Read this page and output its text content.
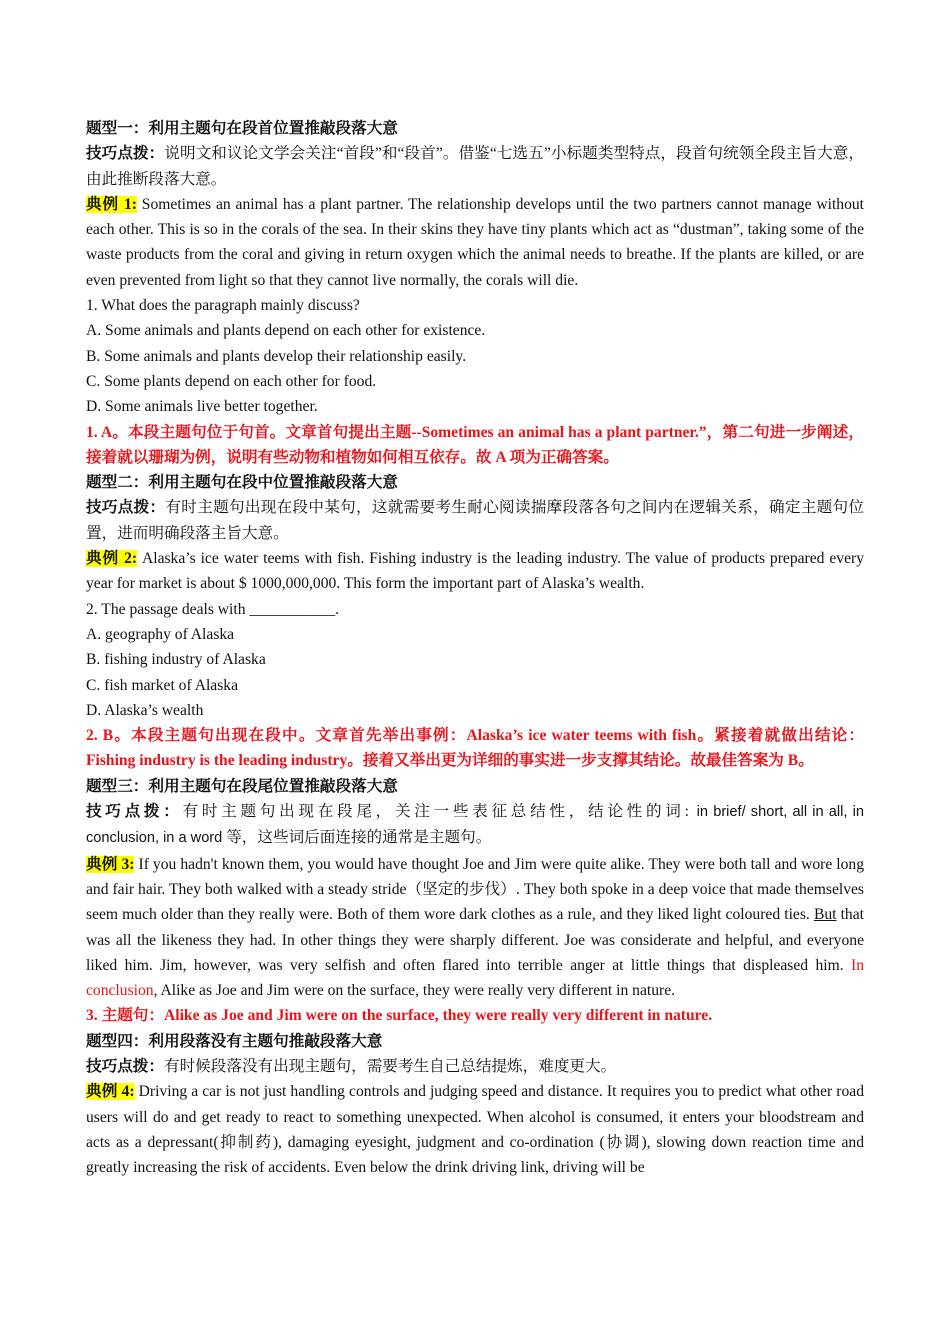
题型一：利用主题句在段首位置推敲段落大意

技巧点拨：说明文和议论文学会关注“首段”和“段首”。借鉴“七选五”小标题类型特点，段首句统领全段主旨大意，由此推断段落大意。

典例 1: Sometimes an animal has a plant partner. The relationship develops until the two partners cannot manage without each other. This is so in the corals of the sea. In their skins they have tiny plants which act as “dustman”, taking some of the waste products from the coral and giving in return oxygen which the animal needs to breathe. If the plants are killed, or are even prevented from light so that they cannot live normally, the corals will die.

1. What does the paragraph mainly discuss?

A. Some animals and plants depend on each other for existence.

B. Some animals and plants develop their relationship easily.

C. Some plants depend on each other for food.

D. Some animals live better together.

1. A。本段主题句位于句首。文章首句提出主题--Sometimes an animal has a plant partner.”，第二句进一步阐述，接着就以珊瑚为例，说明有些动物和植物如何相互依存。故 A 项为正确答案。

题型二：利用主题句在段中位置推敲段落大意

技巧点拨：有时主题句出现在段中某句，这就需要考生耐心阅读揣摩段落各句之间内在逻辑关系，确定主题句位置，进而明确段落主旨大意。

典例 2: Alaska’s ice water teems with fish. Fishing industry is the leading industry. The value of products prepared every year for market is about $ 1000,000,000. This form the important part of Alaska’s wealth.

2. The passage deals with ___________.

A. geography of Alaska

B. fishing industry of Alaska

C. fish market of Alaska

D. Alaska’s wealth

2. B。本段主题句出现在段中。文章首先举出事例：Alaska’s ice water teems with fish。紧接着就做出结论：Fishing industry is the leading industry。接着又举出更为详细的事实进一步支撑其结论。故最佳答案为 B。

题型三：利用主题句在段尾位置推敲段落大意

技巧点拨：有时主题句出现在段尾，关注一些表征总结性，结论性的词: in brief/ short, all in all, in conclusion, in a word 等，这些词后面连接的通常是主题句。

典例 3: If you hadn't known them, you would have thought Joe and Jim were quite alike. They were both tall and wore long and fair hair. They both walked with a steady stride（坚定的步伐）. They both spoke in a deep voice that made themselves seem much older than they really were. Both of them wore dark clothes as a rule, and they liked light coloured ties. But that was all the likeness they had. In other things they were sharply different. Joe was considerate and helpful, and everyone liked him. Jim, however, was very selfish and often flared into terrible anger at little things that displeased him. In conclusion, Alike as Joe and Jim were on the surface, they were really very different in nature.

3. 主题句：Alike as Joe and Jim were on the surface, they were really very different in nature.

题型四：利用段落没有主题句推敲段落大意

技巧点拨：有时候段落没有出现主题句，需要考生自己总结提炼，难度更大。

典例 4: Driving a car is not just handling controls and judging speed and distance. It requires you to predict what other road users will do and get ready to react to something unexpected. When alcohol is consumed, it enters your bloodstream and acts as a depressant(抑制药), damaging eyesight, judgment and co-ordination (协调), slowing down reaction time and greatly increasing the risk of accidents. Even below the drink driving link, driving will be
